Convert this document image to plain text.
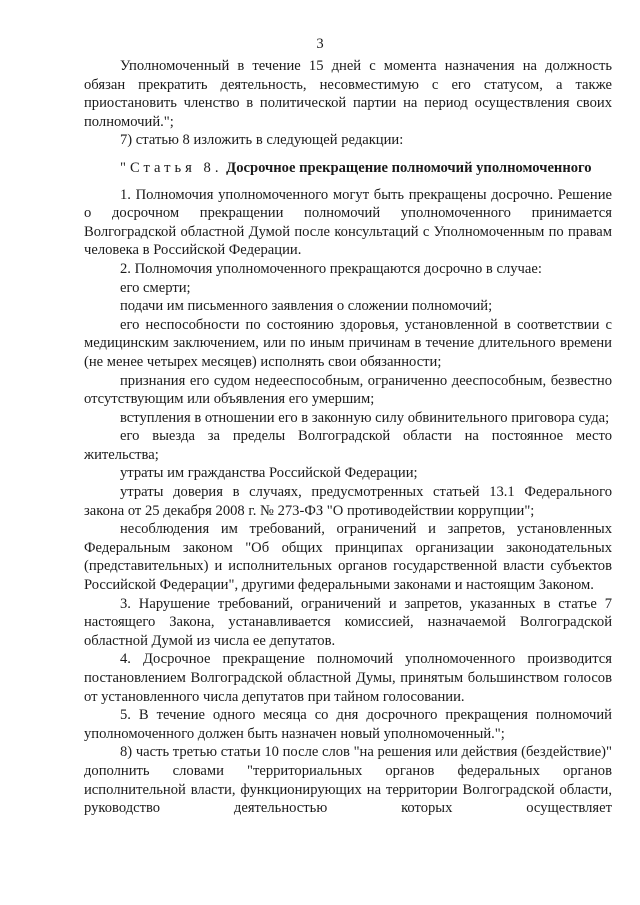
3

Уполномоченный в течение 15 дней с момента назначения на должность обязан прекратить деятельность, несовместимую с его статусом, а также приостановить членство в политической партии на период осуществления своих полномочий.";

7) статью 8 изложить в следующей редакции:

"Статья 8. Досрочное прекращение полномочий уполномоченного

1. Полномочия уполномоченного могут быть прекращены досрочно. Решение о досрочном прекращении полномочий уполномоченного принимается Волгоградской областной Думой после консультаций с Уполномоченным по правам человека в Российской Федерации.

2. Полномочия уполномоченного прекращаются досрочно в случае:

его смерти;

подачи им письменного заявления о сложении полномочий;

его неспособности по состоянию здоровья, установленной в соответствии с медицинским заключением, или по иным причинам в течение длительного времени (не менее четырех месяцев) исполнять свои обязанности;

признания его судом недееспособным, ограниченно дееспособным, безвестно отсутствующим или объявления его умершим;

вступления в отношении его в законную силу обвинительного приговора суда;

его выезда за пределы Волгоградской области на постоянное место жительства;

утраты им гражданства Российской Федерации;

утраты доверия в случаях, предусмотренных статьей 13.1 Федерального закона от 25 декабря 2008 г. № 273-ФЗ "О противодействии коррупции";

несоблюдения им требований, ограничений и запретов, установленных Федеральным законом "Об общих принципах организации законодательных (представительных) и исполнительных органов государственной власти субъектов Российской Федерации", другими федеральными законами и настоящим Законом.

3. Нарушение требований, ограничений и запретов, указанных в статье 7 настоящего Закона, устанавливается комиссией, назначаемой Волгоградской областной Думой из числа ее депутатов.

4. Досрочное прекращение полномочий уполномоченного производится постановлением Волгоградской областной Думы, принятым большинством голосов от установленного числа депутатов при тайном голосовании.

5. В течение одного месяца со дня досрочного прекращения полномочий уполномоченного должен быть назначен новый уполномоченный.";

8) часть третью статьи 10 после слов "на решения или действия (бездействие)" дополнить словами "территориальных органов федеральных органов исполнительной власти, функционирующих на территории Волгоградской области, руководство деятельностью которых осуществляет
